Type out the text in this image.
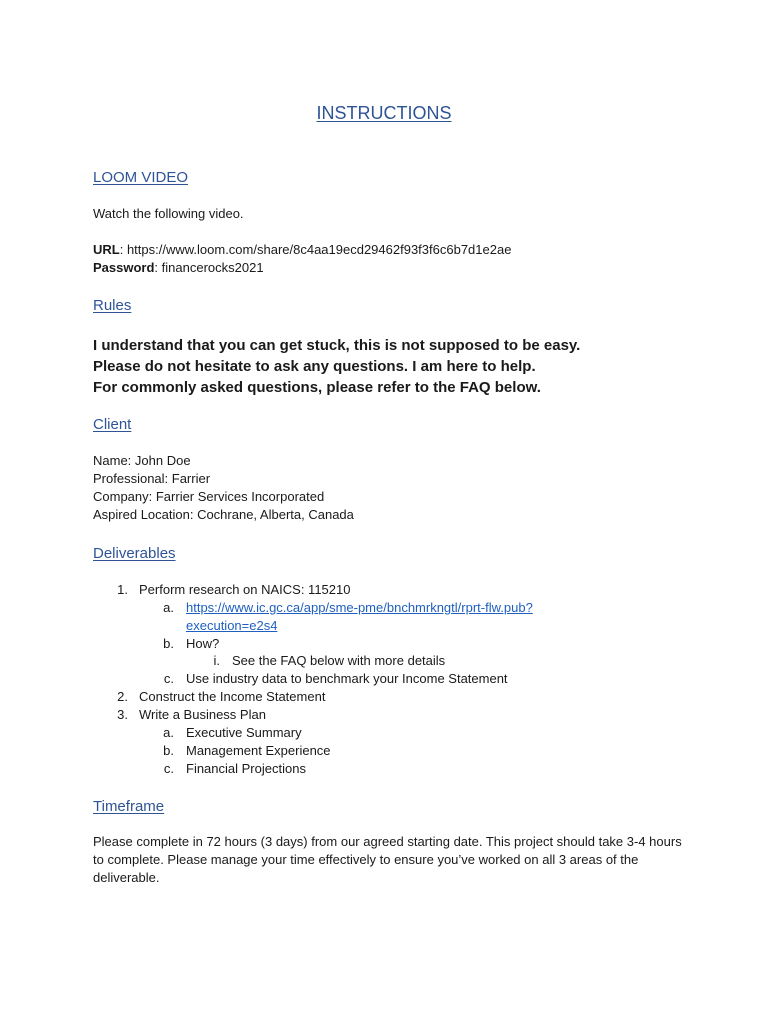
INSTRUCTIONS
LOOM VIDEO

Watch the following video.

URL: https://www.loom.com/share/8c4aa19ecd29462f93f3f6c6b7d1e2ae

Password: financerocks2021

Rules
I understand that you can get stuck, this is not supposed to be easy.
Please do not hesitate to ask any questions. I am here to help.
For commonly asked questions, please refer to the FAQ below.
Client

Name: John Doe

Professional: Farrier

Company: Farrier Services Incorporated

Aspired Location: Cochrane, Alberta, Canada

Deliverables
1. Perform research on NAICS: 115210
a. https://www.ic.gc.ca/app/sme-pme/bnchmrkngtl/rprt-flw.pub?
execution=e2s4
b. How?
i. See the FAQ below with more details
c. Use industry data to benchmark your Income Statement
2. Construct the Income Statement
3. Write a Business Plan
a. Executive Summary
b. Management Experience
c. Financial Projections
Timeframe

Please complete in 72 hours (3 days) from our agreed starting date. This project should take 3-4 hours to complete. Please manage your time effectively to ensure you’ve worked on all 3 areas of the deliverable.
